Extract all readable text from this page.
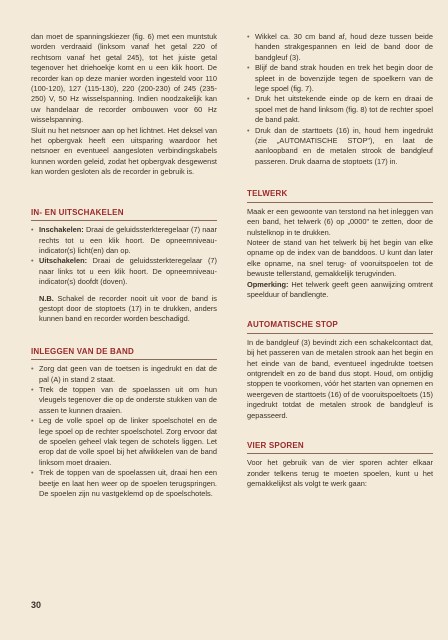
dan moet de spanningskiezer (fig. 6) met een muntstuk worden verdraaid (linksom vanaf het getal 220 of rechtsom vanaf het getal 245), tot het juiste getal tegenover het driehoekje komt en u een klik hoort. De recorder kan op deze manier worden ingesteld voor 110 (100-120), 127 (115-130), 220 (200-230) of 245 (235-250) V, 50 Hz wisselspanning. Indien noodzakelijk kan uw handelaar de recorder ombouwen voor 60 Hz wisselspanning.

Sluit nu het netsnoer aan op het lichtnet. Het deksel van het opbergvak heeft een uitsparing waardoor het netsnoer en eventueel aangesloten verbindingskabels kunnen worden geleid, zodat het opbergvak desgewenst kan worden gesloten als de recorder in gebruik is.

IN- EN UITSCHAKELEN

• Inschakelen: Draai de geluidssterkteregelaar (7) naar rechts tot u een klik hoort. De opneemniveau-indicator(s) licht(en) dan op.

• Uitschakelen: Draai de geluidssterkteregelaar (7) naar links tot u een klik hoort. De opneemniveau-indicator(s) doofdt (doven).

N.B. Schakel de recorder nooit uit voor de band is gestopt door de stoptoets (17) in te drukken, anders kunnen band en recorder worden beschadigd.

INLEGGEN VAN DE BAND

• Zorg dat geen van de toetsen is ingedrukt en dat de pal (A) in stand 2 staat.

• Trek de toppen van de spoelassen uit om hun vleugels tegenover die op de onderste stukken van de assen te kunnen draaien.

• Leg de volle spoel op de linker spoelschotel en de lege spoel op de rechter spoelschotel. Zorg ervoor dat de spoelen geheel vlak tegen de schotels liggen. Let erop dat de volle spoel bij het afwikkelen van de band linksom moet draaien.

• Trek de toppen van de spoelassen uit, draai hen een beetje en laat hen weer op de spoelen terugspringen. De spoelen zijn nu vastgeklemd op de spoelschotels.

• Wikkel ca. 30 cm band af, houd deze tussen beide handen strakgespannen en leid de band door de bandgleuf (3).

• Blijf de band strak houden en trek het begin door de spleet in de bovenzijde tegen de spoelkern van de lege spoel (fig. 7).

• Druk het uitstekende einde op de kern en draai de spoel met de hand linksom (fig. 8) tot de rechter spoel de band pakt.

• Druk dan de starttoets (16) in, houd hem ingedrukt (zie „AUTOMATISCHE STOP"), en laat de aanloopband en de metalen strook de bandgleuf passeren. Druk daarna de stoptoets (17) in.

TELWERK

Maak er een gewoonte van terstond na het inleggen van een band, het telwerk (6) op „0000" te zetten, door de nulstelknop in te drukken.

Noteer de stand van het telwerk bij het begin van elke opname op de index van de banddoos. U kunt dan later elke opname, na snel terug- of vooruitspoelen tot de bewuste tellerstand, gemakkelijk terugvinden.

Opmerking: Het telwerk geeft geen aanwijzing omtrent speelduur of bandlengte.

AUTOMATISCHE STOP

In de bandgleuf (3) bevindt zich een schakelcontact dat, bij het passeren van de metalen strook aan het begin en het einde van de band, eventueel ingedrukte toetsen ontgrendelt en zo de band dus stopt. Houd, om ontijdig stoppen te voorkomen, vóór het starten van opnemen en weergeven de starttoets (16) of de vooruitspoeltoets (15) ingedrukt totdat de metalen strook de bandgleuf is gepasseerd.

VIER SPOREN

Voor het gebruik van de vier sporen achter elkaar zonder telkens terug te moeten spoelen, kunt u het gemakkelijkst als volgt te werk gaan:

30
